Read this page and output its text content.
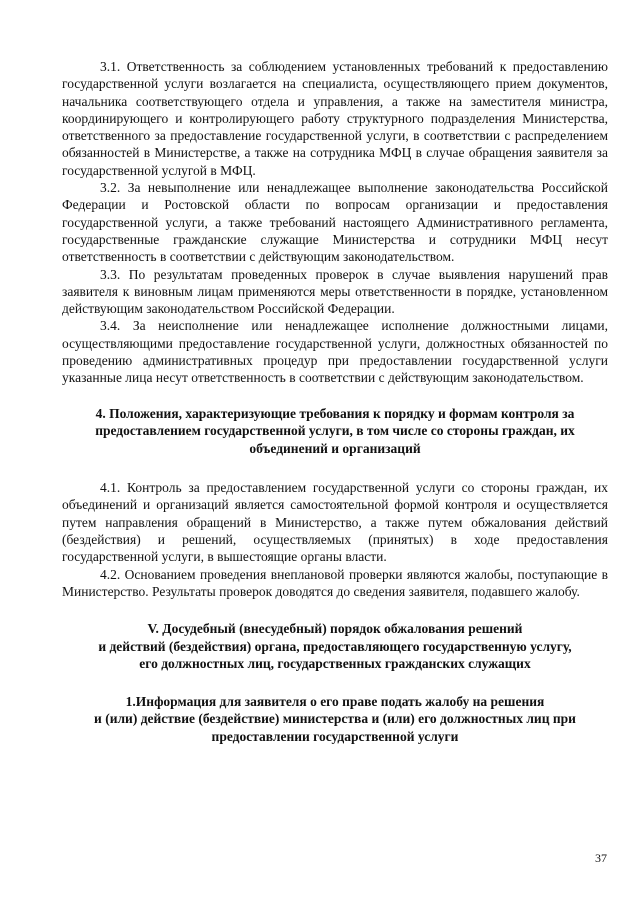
3.1. Ответственность за соблюдением установленных требований к предоставлению государственной услуги возлагается на специалиста, осуществляющего прием документов, начальника соответствующего отдела и управления, а также на заместителя министра, координирующего и контролирующего работу структурного подразделения Министерства, ответственного за предоставление государственной услуги, в соответствии с распределением обязанностей в Министерстве, а также на сотрудника МФЦ в случае обращения заявителя за государственной услугой в МФЦ.

3.2. За невыполнение или ненадлежащее выполнение законодательства Российской Федерации и Ростовской области по вопросам организации и предоставления государственной услуги, а также требований настоящего Административного регламента, государственные гражданские служащие Министерства и сотрудники МФЦ несут ответственность в соответствии с действующим законодательством.

3.3. По результатам проведенных проверок в случае выявления нарушений прав заявителя к виновным лицам применяются меры ответственности в порядке, установленном действующим законодательством Российской Федерации.

3.4. За неисполнение или ненадлежащее исполнение должностными лицами, осуществляющими предоставление государственной услуги, должностных обязанностей по проведению административных процедур при предоставлении государственной услуги указанные лица несут ответственность в соответствии с действующим законодательством.

4. Положения, характеризующие требования к порядку и формам контроля за предоставлением государственной услуги, в том числе со стороны граждан, их объединений и организаций

4.1. Контроль за предоставлением государственной услуги со стороны граждан, их объединений и организаций является самостоятельной формой контроля и осуществляется путем направления обращений в Министерство, а также путем обжалования действий (бездействия) и решений, осуществляемых (принятых) в ходе предоставления государственной услуги, в вышестоящие органы власти.

4.2. Основанием проведения внеплановой проверки являются жалобы, поступающие в Министерство. Результаты проверок доводятся до сведения заявителя, подавшего жалобу.

V. Досудебный (внесудебный) порядок обжалования решений

и действий (бездействия) органа, предоставляющего государственную услугу,

его должностных лиц, государственных гражданских служащих

1.Информация для заявителя о его праве подать жалобу на решения

и (или) действие (бездействие) министерства и (или) его должностных лиц при

предоставлении государственной услуги

37
